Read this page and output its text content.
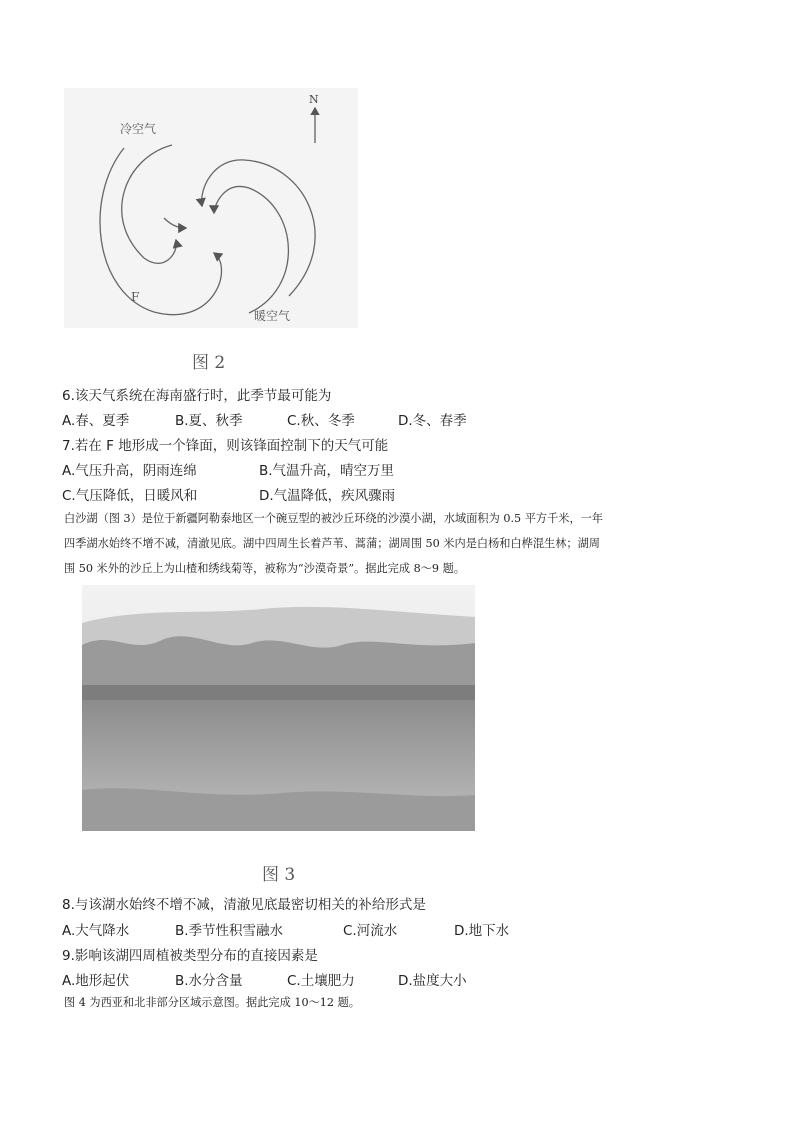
N
冷空气
暖空气
F
图 2
6.该天气系统在海南盛行时，此季节最可能为
A.春、夏季	B.夏、秋季	C.秋、冬季	D.冬、春季
7.若在 F 地形成一个锋面，则该锋面控制下的天气可能
A.气压升高，阴雨连绵	B.气温升高，晴空万里
C.气压降低，日暖风和	D.气温降低，疾风骤雨
白沙湖（图 3）是位于新疆阿勒泰地区一个碗豆型的被沙丘环绕的沙漠小湖，水域面积为 0.5 平方千米，一年
四季湖水始终不增不减，清澈见底。湖中四周生长着芦苇、蒿蒲；湖周围 50 米内是白杨和白桦混生林；湖周
围 50 米外的沙丘上为山楂和绣线菊等，被称为“沙漠奇景”。据此完成 8～9 题。
图 3
8.与该湖水始终不增不减，清澈见底最密切相关的补给形式是
A.大气降水	B.季节性积雪融水	C.河流水	D.地下水
9.影响该湖四周植被类型分布的直接因素是
A.地形起伏	B.水分含量	C.土壤肥力	D.盐度大小
图 4 为西亚和北非部分区域示意图。据此完成 10～12 题。
